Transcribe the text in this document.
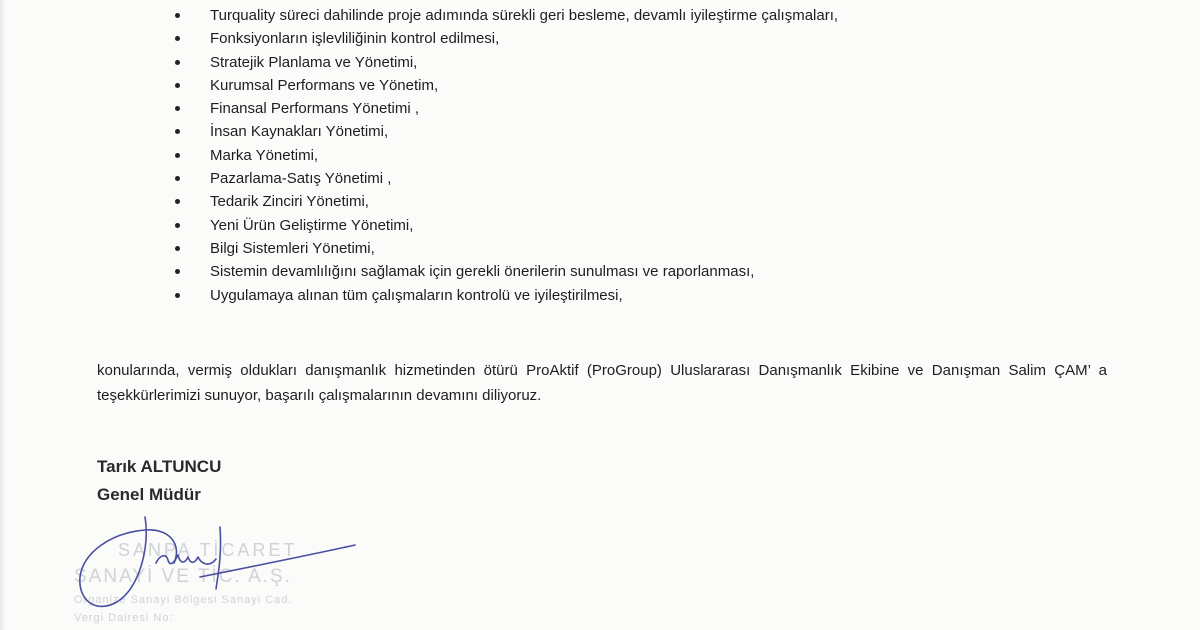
Turquality süreci dahilinde proje adımında sürekli geri besleme, devamlı iyileştirme çalışmaları,
Fonksiyonların işlevliliğinin kontrol edilmesi,
Stratejik Planlama ve Yönetimi,
Kurumsal Performans ve Yönetim,
Finansal Performans Yönetimi ,
İnsan Kaynakları Yönetimi,
Marka Yönetimi,
Pazarlama-Satış Yönetimi ,
Tedarik Zinciri Yönetimi,
Yeni Ürün Geliştirme Yönetimi,
Bilgi Sistemleri Yönetimi,
Sistemin devamlılığını sağlamak için gerekli önerilerin sunulması ve raporlanması,
Uygulamaya alınan tüm çalışmaların kontrolü ve iyileştirilmesi,

konularında, vermiş oldukları danışmanlık hizmetinden ötürü ProAktif (ProGroup) Uluslararası Danışmanlık Ekibine ve Danışman Salim ÇAM’ a teşekkürlerimizi sunuyor, başarılı çalışmalarının devamını diliyoruz.

Tarık ALTUNCU
Genel Müdür
SANPA TİCARET
SANAYİ VE TİC. A.Ş.
Organize Sanayi Bölgesi Sanayi Cad.
Vergi Dairesi No:
